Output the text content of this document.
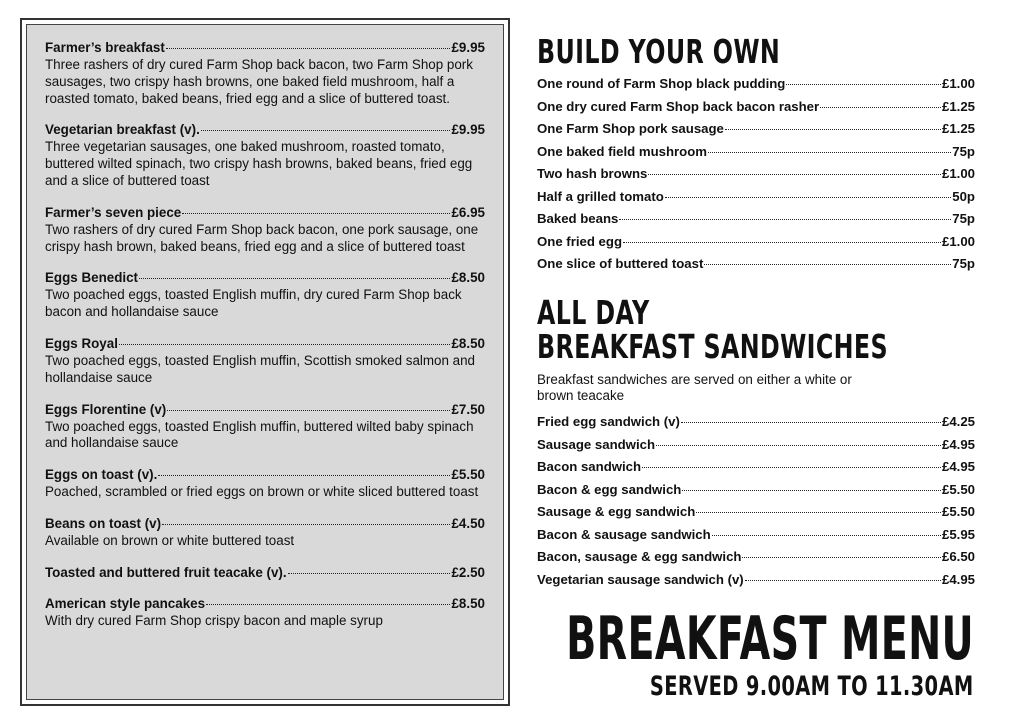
Farmer’s breakfast	£9.95
Three rashers of dry cured Farm Shop back bacon, two Farm Shop pork sausages, two crispy hash browns, one baked field mushroom, half a roasted tomato, baked beans, fried egg and a slice of buttered toast.
Vegetarian breakfast (v).	£9.95
Three vegetarian sausages, one baked mushroom, roasted tomato, buttered wilted spinach, two crispy hash browns, baked beans, fried egg and a slice of buttered toast
Farmer’s seven piece	£6.95
Two rashers of dry cured Farm Shop back bacon, one pork sausage, one crispy hash brown, baked beans, fried egg and a slice of buttered toast
Eggs Benedict	£8.50
Two poached eggs, toasted English muffin, dry cured Farm Shop back bacon and hollandaise sauce
Eggs Royal	£8.50
Two poached eggs, toasted English muffin, Scottish smoked salmon and hollandaise sauce
Eggs Florentine (v)	£7.50
Two poached eggs, toasted English muffin, buttered wilted baby spinach and hollandaise sauce
Eggs on toast (v).	£5.50
Poached, scrambled or fried eggs on brown or white sliced buttered toast
Beans on toast (v)	£4.50
Available on brown or white buttered toast
Toasted and buttered fruit teacake (v).	£2.50
American style pancakes	£8.50
With dry cured Farm Shop crispy bacon and maple syrup
BUILD YOUR OWN
One round of Farm Shop black pudding	£1.00
One dry cured Farm Shop back bacon rasher	£1.25
One Farm Shop pork sausage	£1.25
One baked field mushroom	75p
Two hash browns	£1.00
Half a grilled tomato	50p
Baked beans	75p
One fried egg	£1.00
One slice of buttered toast	75p
ALL DAY
BREAKFAST SANDWICHES
Breakfast sandwiches are served on either a white or brown teacake
Fried egg sandwich (v)	£4.25
Sausage sandwich	£4.95
Bacon sandwich	£4.95
Bacon & egg sandwich	£5.50
Sausage & egg sandwich	£5.50
Bacon & sausage sandwich	£5.95
Bacon, sausage & egg sandwich	£6.50
Vegetarian sausage sandwich (v)	£4.95
BREAKFAST MENU
SERVED 9.00AM TO 11.30AM
